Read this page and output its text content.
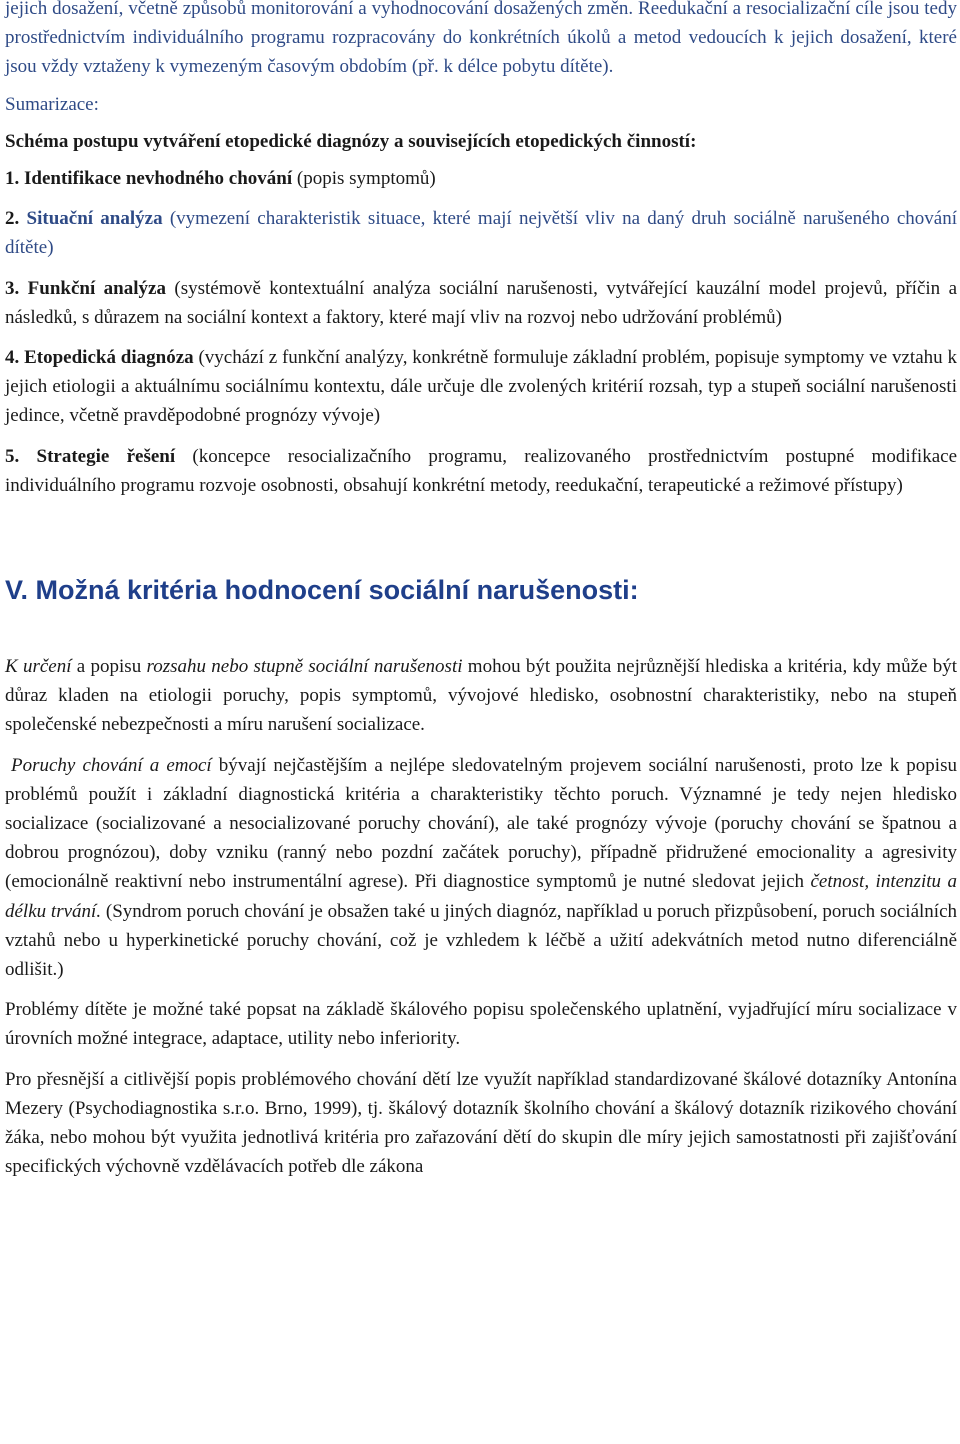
jejich dosažení, včetně způsobů monitorování a vyhodnocování dosažených změn. Reedukační a resocializační cíle jsou tedy prostřednictvím individuálního programu rozpracovány do konkrétních úkolů a metod vedoucích k jejich dosažení, které jsou vždy vztaženy k vymezeným časovým obdobím (př. k délce pobytu dítěte).

Sumarizace:

Schéma postupu vytváření etopedické diagnózy a souvisejících etopedických činností:

1. Identifikace nevhodného chování (popis symptomů)

2. Situační analýza (vymezení charakteristik situace, které mají největší vliv na daný druh sociálně narušeného chování dítěte)

3. Funkční analýza (systémově kontextuální analýza sociální narušenosti, vytvářející kauzální model projevů, příčin a následků, s důrazem na sociální kontext a faktory, které mají vliv na rozvoj nebo udržování problémů)

4. Etopedická diagnóza (vychází z funkční analýzy, konkrétně formuluje základní problém, popisuje symptomy ve vztahu k jejich etiologii a aktuálnímu sociálnímu kontextu, dále určuje dle zvolených kritérií rozsah, typ a stupeň sociální narušenosti jedince, včetně pravděpodobné prognózy vývoje)

5. Strategie řešení (koncepce resocializačního programu, realizovaného prostřednictvím postupné modifikace individuálního programu rozvoje osobnosti, obsahují konkrétní metody, reedukační, terapeutické a režimové přístupy)

V. Možná kritéria hodnocení sociální narušenosti:

K určení a popisu rozsahu nebo stupně sociální narušenosti mohou být použita nejrůznější hlediska a kritéria, kdy může být důraz kladen na etiologii poruchy, popis symptomů, vývojové hledisko, osobnostní charakteristiky, nebo na stupeň společenské nebezpečnosti a míru narušení socializace.

Poruchy chování a emocí bývají nejčastějším a nejlépe sledovatelným projevem sociální narušenosti, proto lze k popisu problémů použít i základní diagnostická kritéria a charakteristiky těchto poruch. Významné je tedy nejen hledisko socializace (socializované a nesocializované poruchy chování), ale také prognózy vývoje (poruchy chování se špatnou a dobrou prognózou), doby vzniku (ranný nebo pozdní začátek poruchy), případně přidružené emocionality a agresivity (emocionálně reaktivní nebo instrumentální agrese). Při diagnostice symptomů je nutné sledovat jejich četnost, intenzitu a délku trvání. (Syndrom poruch chování je obsažen také u jiných diagnóz, například u poruch přizpůsobení, poruch sociálních vztahů nebo u hyperkinetické poruchy chování, což je vzhledem k léčbě a užití adekvátních metod nutno diferenciálně odlišit.)

Problémy dítěte je možné také popsat na základě škálového popisu společenského uplatnění, vyjadřující míru socializace v úrovních možné integrace, adaptace, utility nebo inferiority.

Pro přesnější a citlivější popis problémového chování dětí lze využít například standardizované škálové dotazníky Antonína Mezery (Psychodiagnostika s.r.o. Brno, 1999), tj. škálový dotazník školního chování a škálový dotazník rizikového chování žáka, nebo mohou být využita jednotlivá kritéria pro zařazování dětí do skupin dle míry jejich samostatnosti při zajišťování specifických výchovně vzdělávacích potřeb dle zákona
